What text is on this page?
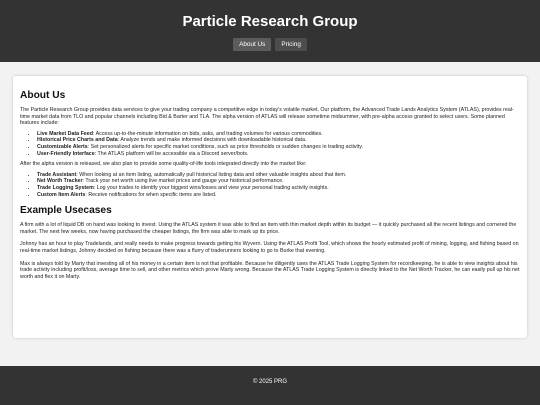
Particle Research Group
About Us	Pricing
About Us

The Particle Research Group provides data services to give your trading company a competitive edge in today's volatile market. Our platform, the Advanced Trade Lands Analytics System (ATLAS), provides real-time market data from TLO and popular channels including Bid & Barter and TLA. The alpha version of ATLAS will release sometime midsummer, with pre-alpha access granted to select users. Some planned features include:

• Live Market Data Feed: Access up-to-the-minute information on bids, asks, and trading volumes for various commodities.
• Historical Price Charts and Data: Analyze trends and make informed decisions with downloadable historical data.
• Customizable Alerts: Set personalized alerts for specific market conditions, such as price thresholds or sudden changes in trading activity.
• User-Friendly Interface: The ATLAS platform will be accessible via a Discord server/bots.

After the alpha version is released, we also plan to provide some quality-of-life tools integrated directly into the market like:

• Trade Assistant: When looking at an item listing, automatically pull historical listing data and other valuable insights about that item.
• Net Worth Tracker: Track your net worth using live market prices and gauge your historical performance.
• Trade Logging System: Log your trades to identify your biggest wins/losses and view your personal trading activity insights.
• Custom Item Alerts: Receive notifications for when specific items are listed.
Example Usecases

A firm with a lot of liquid DB on hand was looking to invest. Using the ATLAS system it was able to find an item with thin market depth within its budget — it quickly purchased all the recent listings and cornered the market. The next few weeks, now having purchased the cheaper listings, the firm was able to mark up its price.

Johnny has an hour to play Tradelands, and really needs to make progress towards getting his Wyvern. Using the ATLAS Profit Tool, which shows the hourly estimated profit of mining, logging, and fishing based on real-time market listings, Johnny decided on fishing because there was a flurry of traderunners looking to go to Burke that evening.

Max is always told by Marty that investing all of his money in a certain item is not that profitable. Because he diligently uses the ATLAS Trade Logging System for recordkeeping, he is able to view insights about his trade activity including profit/loss, average time to sell, and other metrics which prove Marty wrong. Because the ATLAS Trade Logging System is directly linked to the Net Worth Tracker, he can easily pull up his net worth and flex it on Marty.

© 2025 PRG
